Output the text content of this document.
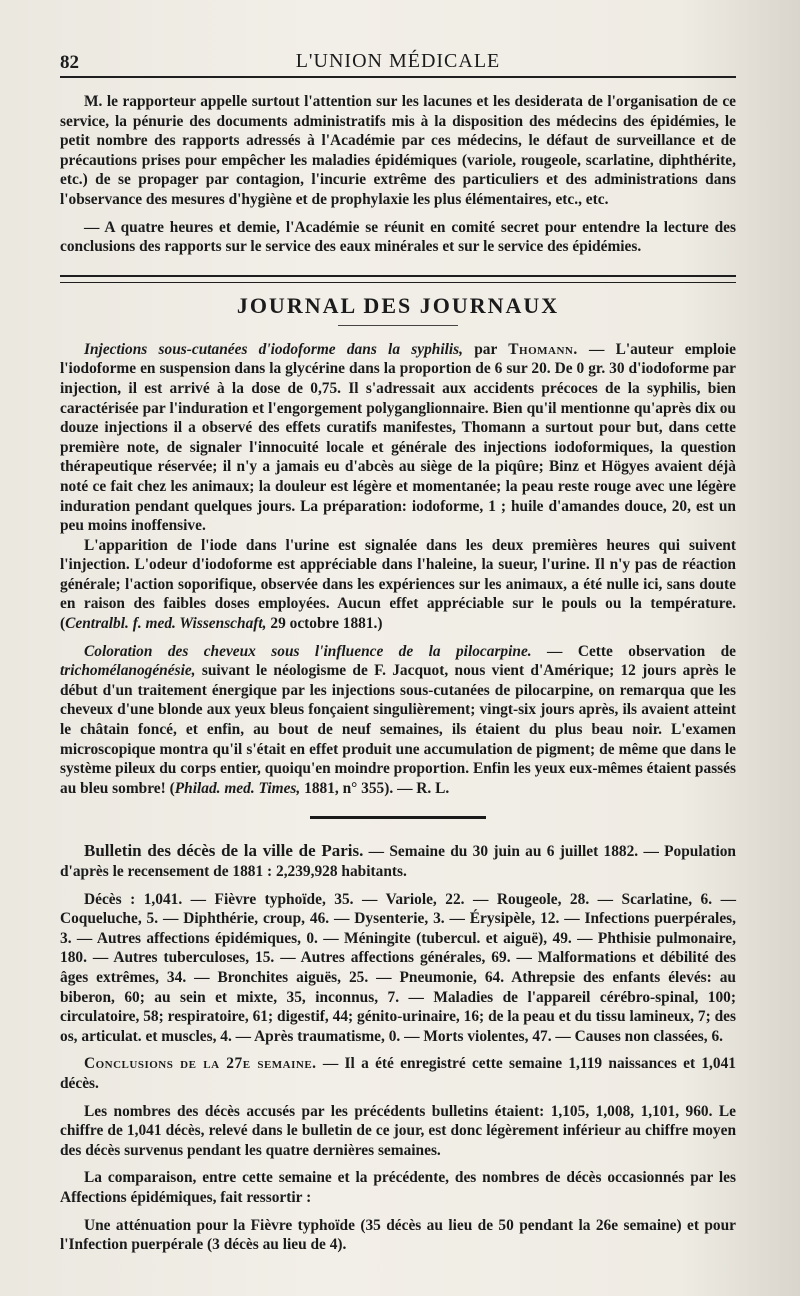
82	L'UNION MÉDICALE

M. le rapporteur appelle surtout l'attention sur les lacunes et les desiderata de l'organisation de ce service, la pénurie des documents administratifs mis à la disposition des médecins des épidémies, le petit nombre des rapports adressés à l'Académie par ces médecins, le défaut de surveillance et de précautions prises pour empêcher les maladies épidémiques (variole, rougeole, scarlatine, diphthérite, etc.) de se propager par contagion, l'incurie extrême des particuliers et des administrations dans l'observance des mesures d'hygiène et de prophylaxie les plus élémentaires, etc., etc.

— A quatre heures et demie, l'Académie se réunit en comité secret pour entendre la lecture des conclusions des rapports sur le service des eaux minérales et sur le service des épidémies.

JOURNAL DES JOURNAUX

Injections sous-cutanées d'iodoforme dans la syphilis, par Thomann. — L'auteur emploie l'iodoforme en suspension dans la glycérine dans la proportion de 6 sur 20. De 0 gr. 30 d'iodoforme par injection, il est arrivé à la dose de 0,75. Il s'adressait aux accidents précoces de la syphilis, bien caractérisée par l'induration et l'engorgement polyganglionnaire. Bien qu'il mentionne qu'après dix ou douze injections il a observé des effets curatifs manifestes, Thomann a surtout pour but, dans cette première note, de signaler l'innocuité locale et générale des injections iodoformiques, la question thérapeutique réservée; il n'y a jamais eu d'abcès au siège de la piqûre; Binz et Högyes avaient déjà noté ce fait chez les animaux; la douleur est légère et momentanée; la peau reste rouge avec une légère induration pendant quelques jours. La préparation: iodoforme, 1 ; huile d'amandes douce, 20, est un peu moins inoffensive.

L'apparition de l'iode dans l'urine est signalée dans les deux premières heures qui suivent l'injection. L'odeur d'iodoforme est appréciable dans l'haleine, la sueur, l'urine. Il n'y pas de réaction générale; l'action soporifique, observée dans les expériences sur les animaux, a été nulle ici, sans doute en raison des faibles doses employées. Aucun effet appréciable sur le pouls ou la température. (Centralbl. f. med. Wissenschaft, 29 octobre 1881.)

Coloration des cheveux sous l'influence de la pilocarpine. — Cette observation de trichomélanogénésie, suivant le néologisme de F. Jacquot, nous vient d'Amérique; 12 jours après le début d'un traitement énergique par les injections sous-cutanées de pilocarpine, on remarqua que les cheveux d'une blonde aux yeux bleus fonçaient singulièrement; vingt-six jours après, ils avaient atteint le châtain foncé, et enfin, au bout de neuf semaines, ils étaient du plus beau noir. L'examen microscopique montra qu'il s'était en effet produit une accumulation de pigment; de même que dans le système pileux du corps entier, quoiqu'en moindre proportion. Enfin les yeux eux-mêmes étaient passés au bleu sombre! (Philad. med. Times, 1881, n° 355). — R. L.

Bulletin des décès de la ville de Paris. — Semaine du 30 juin au 6 juillet 1882. — Population d'après le recensement de 1881 : 2,239,928 habitants.

Décès : 1,041. — Fièvre typhoïde, 35. — Variole, 22. — Rougeole, 28. — Scarlatine, 6. — Coqueluche, 5. — Diphthérie, croup, 46. — Dysenterie, 3. — Érysipèle, 12. — Infections puerpérales, 3. — Autres affections épidémiques, 0. — Méningite (tubercul. et aiguë), 49. — Phthisie pulmonaire, 180. — Autres tuberculoses, 15. — Autres affections générales, 69. — Malformations et débilité des âges extrêmes, 34. — Bronchites aiguës, 25. — Pneumonie, 64. Athrepsie des enfants élevés: au biberon, 60; au sein et mixte, 35, inconnus, 7. — Maladies de l'appareil cérébro-spinal, 100; circulatoire, 58; respiratoire, 61; digestif, 44; génito-urinaire, 16; de la peau et du tissu lamineux, 7; des os, articulat. et muscles, 4. — Après traumatisme, 0. — Morts violentes, 47. — Causes non classées, 6.

Conclusions de la 27e semaine. — Il a été enregistré cette semaine 1,119 naissances et 1,041 décès.

Les nombres des décès accusés par les précédents bulletins étaient: 1,105, 1,008, 1,101, 960. Le chiffre de 1,041 décès, relevé dans le bulletin de ce jour, est donc légèrement inférieur au chiffre moyen des décès survenus pendant les quatre dernières semaines.

La comparaison, entre cette semaine et la précédente, des nombres de décès occasionnés par les Affections épidémiques, fait ressortir :

Une atténuation pour la Fièvre typhoïde (35 décès au lieu de 50 pendant la 26e semaine) et pour l'Infection puerpérale (3 décès au lieu de 4).
